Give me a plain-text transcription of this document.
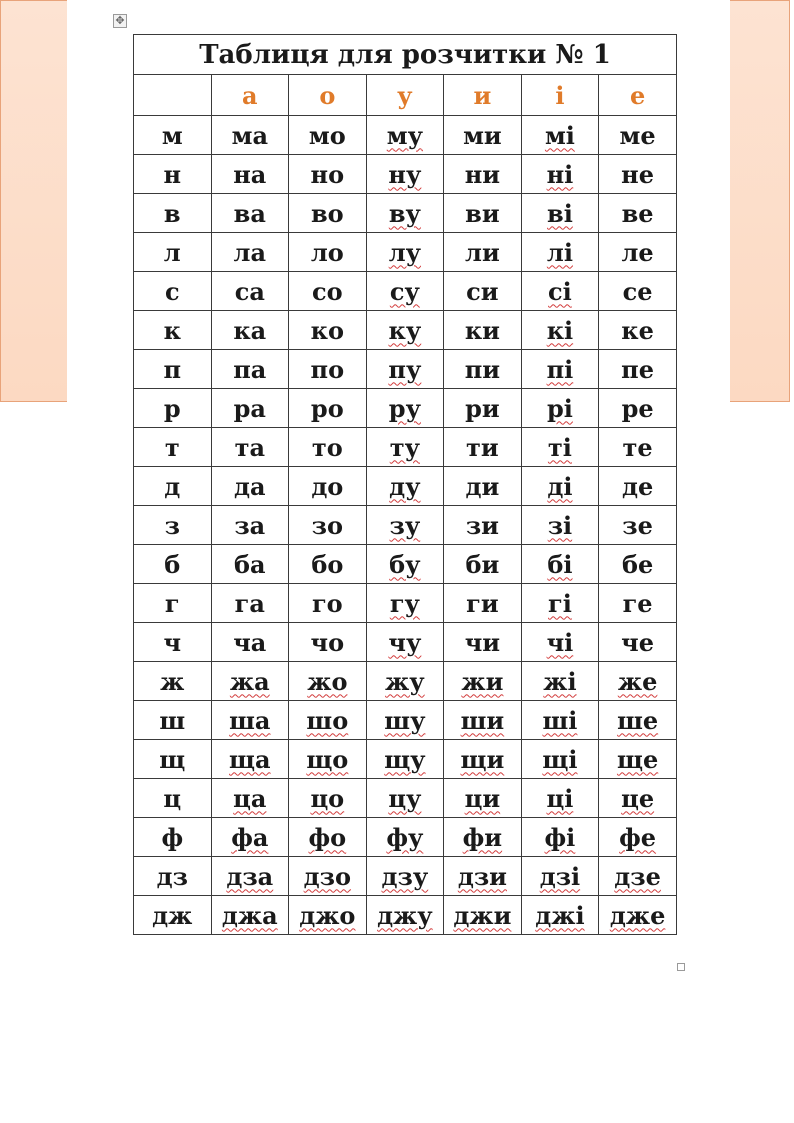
✥
Таблиця для розчитки № 1						
	а	о	у	и	і	е
м	ма	мо	му	ми	мі	ме
н	на	но	ну	ни	ні	не
в	ва	во	ву	ви	ві	ве
л	ла	ло	лу	ли	лі	ле
с	са	со	су	си	сі	се
к	ка	ко	ку	ки	кі	ке
п	па	по	пу	пи	пі	пе
р	ра	ро	ру	ри	рі	ре
т	та	то	ту	ти	ті	те
д	да	до	ду	ди	ді	де
з	за	зо	зу	зи	зі	зе
б	ба	бо	бу	би	бі	бе
г	га	го	гу	ги	гі	ге
ч	ча	чо	чу	чи	чі	че
ж	жа	жо	жу	жи	жі	же
ш	ша	шо	шу	ши	ші	ше
щ	ща	що	щу	щи	щі	ще
ц	ца	цо	цу	ци	ці	це
ф	фа	фо	фу	фи	фі	фе
дз	дза	дзо	дзу	дзи	дзі	дзе
дж	джа	джо	джу	джи	джі	дже
